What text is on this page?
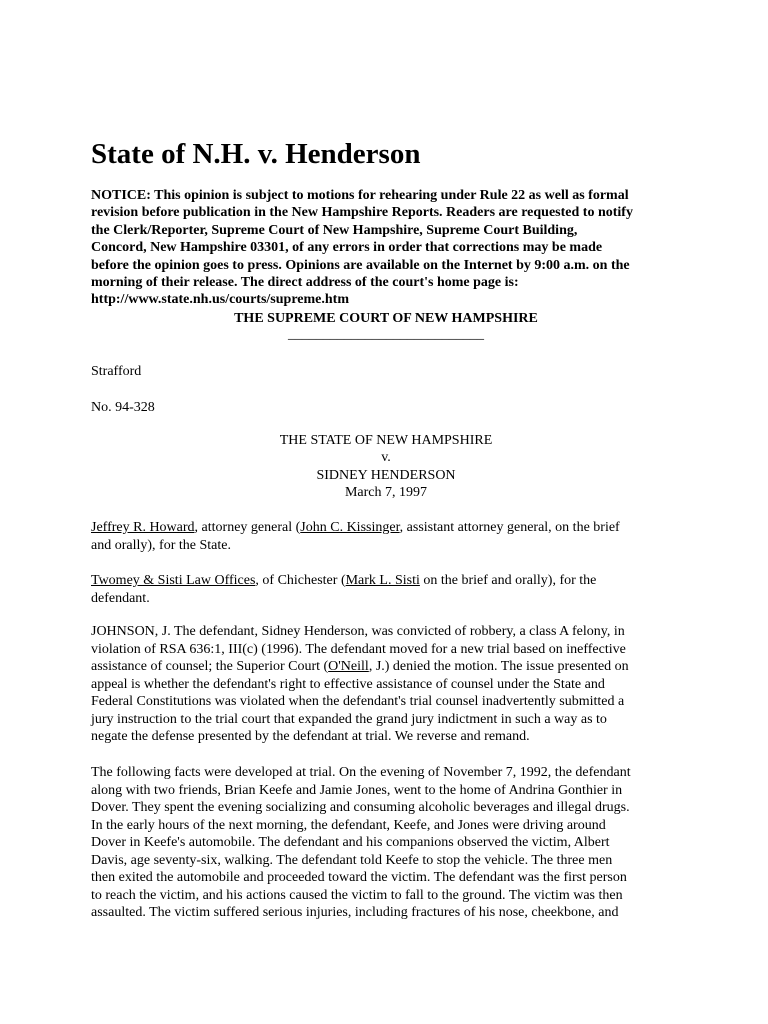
State of N.H. v. Henderson
NOTICE: This opinion is subject to motions for rehearing under Rule 22 as well as formal
revision before publication in the New Hampshire Reports. Readers are requested to notify
the Clerk/Reporter, Supreme Court of New Hampshire, Supreme Court Building,
Concord, New Hampshire 03301, of any errors in order that corrections may be made
before the opinion goes to press. Opinions are available on the Internet by 9:00 a.m. on the
morning of their release. The direct address of the court's home page is:
http://www.state.nh.us/courts/supreme.htm
THE SUPREME COURT OF NEW HAMPSHIRE
____________________________
Strafford
No. 94-328
THE STATE OF NEW HAMPSHIRE
v.
SIDNEY HENDERSON
March 7, 1997
Jeffrey R. Howard, attorney general (John C. Kissinger, assistant attorney general, on the brief
and orally), for the State.
Twomey & Sisti Law Offices, of Chichester (Mark L. Sisti on the brief and orally), for the
defendant.
JOHNSON, J. The defendant, Sidney Henderson, was convicted of robbery, a class A felony, in
violation of RSA 636:1, III(c) (1996). The defendant moved for a new trial based on ineffective
assistance of counsel; the Superior Court (O'Neill, J.) denied the motion. The issue presented on
appeal is whether the defendant's right to effective assistance of counsel under the State and
Federal Constitutions was violated when the defendant's trial counsel inadvertently submitted a
jury instruction to the trial court that expanded the grand jury indictment in such a way as to
negate the defense presented by the defendant at trial. We reverse and remand.
The following facts were developed at trial. On the evening of November 7, 1992, the defendant
along with two friends, Brian Keefe and Jamie Jones, went to the home of Andrina Gonthier in
Dover. They spent the evening socializing and consuming alcoholic beverages and illegal drugs.
In the early hours of the next morning, the defendant, Keefe, and Jones were driving around
Dover in Keefe's automobile. The defendant and his companions observed the victim, Albert
Davis, age seventy-six, walking. The defendant told Keefe to stop the vehicle. The three men
then exited the automobile and proceeded toward the victim. The defendant was the first person
to reach the victim, and his actions caused the victim to fall to the ground. The victim was then
assaulted. The victim suffered serious injuries, including fractures of his nose, cheekbone, and
